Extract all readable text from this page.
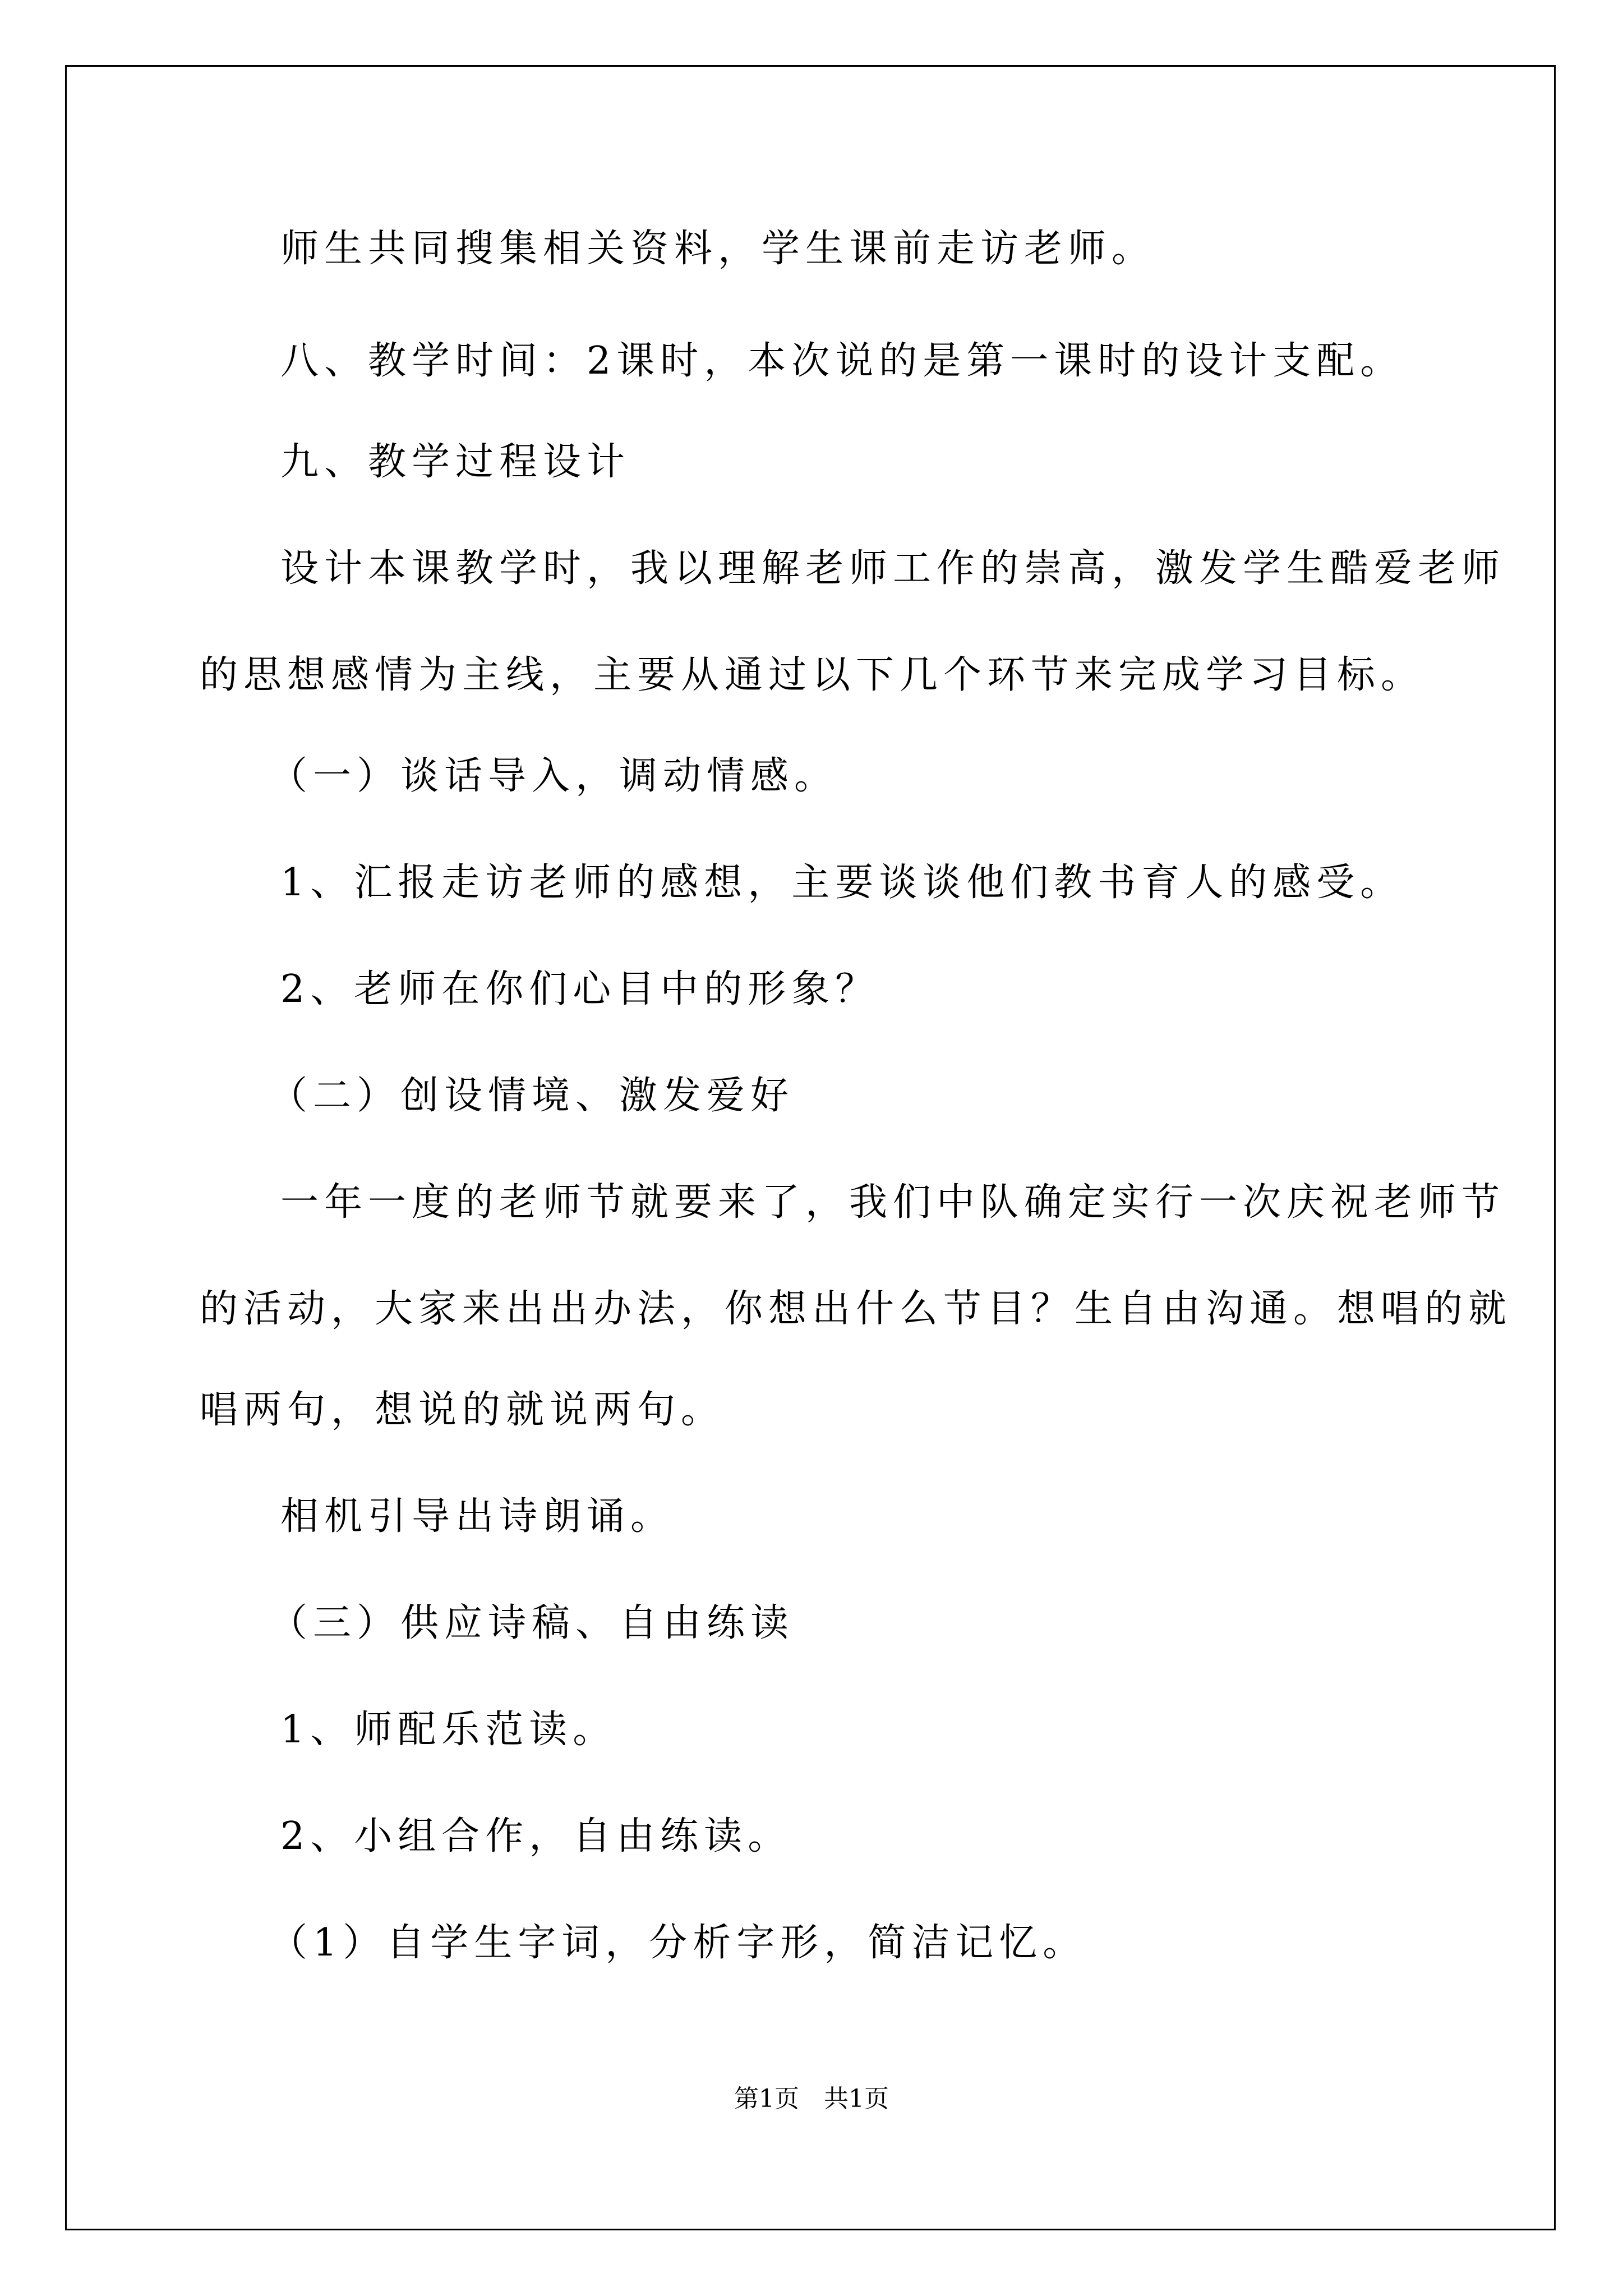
师生共同搜集相关资料，学生课前走访老师。

八、教学时间：2课时，本次说的是第一课时的设计支配。

九、教学过程设计

设计本课教学时，我以理解老师工作的崇高，激发学生酷爱老师

的思想感情为主线，主要从通过以下几个环节来完成学习目标。

（一）谈话导入，调动情感。

1、汇报走访老师的感想，主要谈谈他们教书育人的感受。

2、老师在你们心目中的形象？

（二）创设情境、激发爱好

一年一度的老师节就要来了，我们中队确定实行一次庆祝老师节

的活动，大家来出出办法，你想出什么节目？生自由沟通。想唱的就

唱两句，想说的就说两句。

相机引导出诗朗诵。

（三）供应诗稿、自由练读

1、师配乐范读。

2、小组合作，自由练读。

（1）自学生字词，分析字形，简洁记忆。

第1页 共1页
